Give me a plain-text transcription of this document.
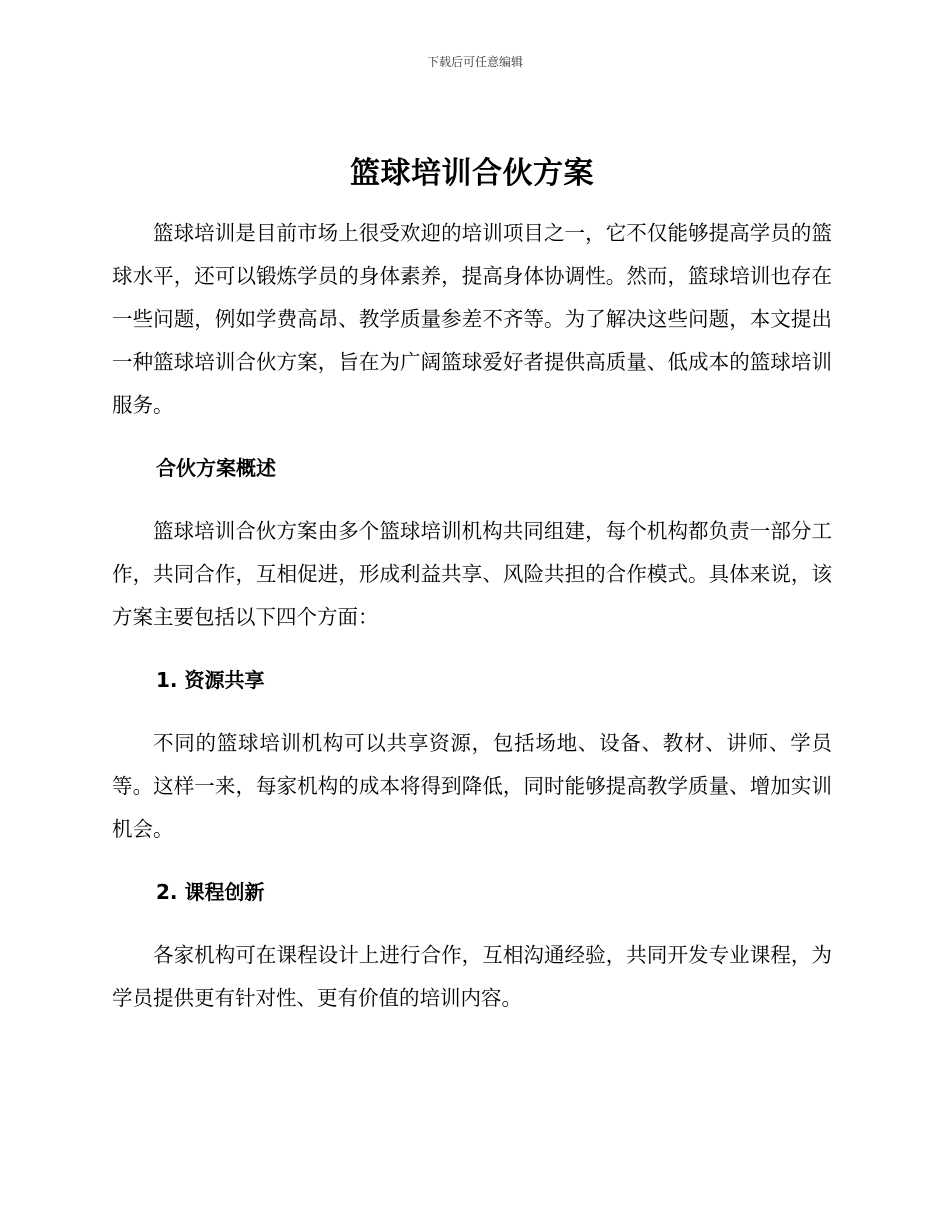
下载后可任意编辑
篮球培训合伙方案

篮球培训是目前市场上很受欢迎的培训项目之一，它不仅能够提高学员的篮球水平，还可以锻炼学员的身体素养，提高身体协调性。然而，篮球培训也存在一些问题，例如学费高昂、教学质量参差不齐等。为了解决这些问题，本文提出一种篮球培训合伙方案，旨在为广阔篮球爱好者提供高质量、低成本的篮球培训服务。

合伙方案概述

篮球培训合伙方案由多个篮球培训机构共同组建，每个机构都负责一部分工作，共同合作，互相促进，形成利益共享、风险共担的合作模式。具体来说，该方案主要包括以下四个方面：

1. 资源共享

不同的篮球培训机构可以共享资源，包括场地、设备、教材、讲师、学员等。这样一来，每家机构的成本将得到降低，同时能够提高教学质量、增加实训机会。

2. 课程创新

各家机构可在课程设计上进行合作，互相沟通经验，共同开发专业课程，为学员提供更有针对性、更有价值的培训内容。
